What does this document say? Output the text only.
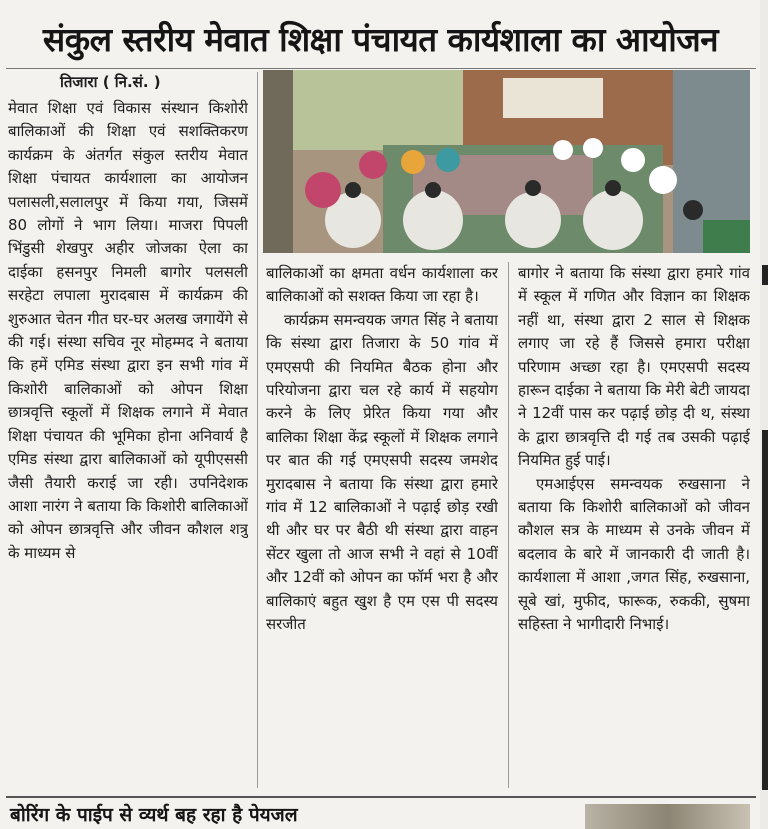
संकुल स्तरीय मेवात शिक्षा पंचायत कार्यशाला का आयोजन
तिजारा ( नि.सं. )

मेवात शिक्षा एवं विकास संस्थान किशोरी बालिकाओं की शिक्षा एवं सशक्तिकरण कार्यक्रम के अंतर्गत संकुल स्तरीय मेवात शिक्षा पंचायत कार्यशाला का आयोजन पलासली,सलालपुर में किया गया, जिसमें 80 लोगों ने भाग लिया। माजरा पिपली भिंडुसी शेखपुर अहीर जोजका ऐला का दाईका हसनपुर निमली बागोर पलसली सरहेटा लपाला मुरादबास में कार्यक्रम की शुरुआत चेतन गीत घर-घर अलख जगायेंगे से की गई। संस्था सचिव नूर मोहम्मद ने बताया कि हमें एमिड संस्था द्वारा इन सभी गांव में किशोरी बालिकाओं को ओपन शिक्षा छात्रवृत्ति स्कूलों में शिक्षक लगाने में मेवात शिक्षा पंचायत की भूमिका होना अनिवार्य है एमिड संस्था द्वारा बालिकाओं को यूपीएससी जैसी तैयारी कराई जा रही। उपनिदेशक आशा नारंग ने बताया कि किशोरी बालिकाओं को ओपन छात्रवृत्ति और जीवन कौशल शत्रु के माध्यम से

बालिकाओं का क्षमता वर्धन कार्यशाला कर बालिकाओं को सशक्त किया जा रहा है।

कार्यक्रम समन्वयक जगत सिंह ने बताया कि संस्था द्वारा तिजारा के 50 गांव में एमएसपी की नियमित बैठक होना और परियोजना द्वारा चल रहे कार्य में सहयोग करने के लिए प्रेरित किया गया और बालिका शिक्षा केंद्र स्कूलों में शिक्षक लगाने पर बात की गई एमएसपी सदस्य जमशेद मुरादबास ने बताया कि संस्था द्वारा हमारे गांव में 12 बालिकाओं ने पढ़ाई छोड़ रखी थी और घर पर बैठी थी संस्था द्वारा वाहन सेंटर खुला तो आज सभी ने वहां से 10वीं और 12वीं को ओपन का फॉर्म भरा है और बालिकाएं बहुत खुश है एम एस पी सदस्य सरजीत

बागोर ने बताया कि संस्था द्वारा हमारे गांव में स्कूल में गणित और विज्ञान का शिक्षक नहीं था, संस्था द्वारा 2 साल से शिक्षक लगाए जा रहे हैं जिससे हमारा परीक्षा परिणाम अच्छा रहा है। एमएसपी सदस्य हारून दाईका ने बताया कि मेरी बेटी जायदा ने 12वीं पास कर पढ़ाई छोड़ दी थ, संस्था के द्वारा छात्रवृत्ति दी गई तब उसकी पढ़ाई नियमित हुई पाई।

एमआईएस समन्वयक रुखसाना ने बताया कि किशोरी बालिकाओं को जीवन कौशल सत्र के माध्यम से उनके जीवन में बदलाव के बारे में जानकारी दी जाती है। कार्यशाला में आशा ,जगत सिंह, रुखसाना, सूबे खां, मुफीद, फारूक, रुककी, सुषमा सहिस्ता ने भागीदारी निभाई।

बोरिंग के पाईप से व्यर्थ बह रहा है पेयजल
